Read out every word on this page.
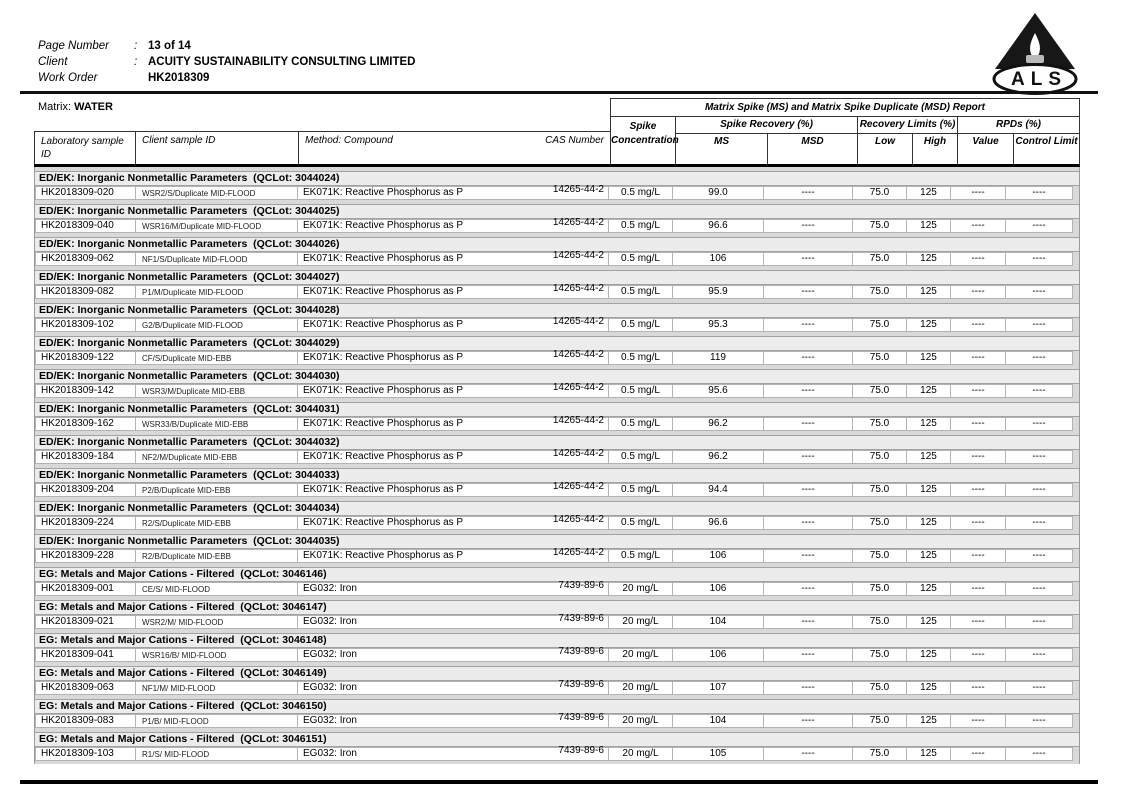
Page Number : 13 of 14
Client	: ACUITY SUSTAINABILITY CONSULTING LIMITED
Work Order	HK2018309	ALS
Matrix: WATER	Matrix Spike (MS) and Matrix Spike Duplicate (MSD) Report
Spike
Concentration
Spike Recovery (%)
MS	MSD
Recovery Limits (%)
Low	High
RPDs (%)
Value	Control Limit
Laboratory sample
ID
Client sample ID	Method: Compound	CAS Number
ED/EK: Inorganic Nonmetallic Parameters  (QCLot: 3044024)
HK2018309-020	WSR2/S/Duplicate MID-FLOOD	EK071K: Reactive Phosphorus as P	14265-44-2	0.5 mg/L	99.0	----	75.0	125	----	----
ED/EK: Inorganic Nonmetallic Parameters  (QCLot: 3044025)
HK2018309-040	WSR16/M/Duplicate MID-FLOOD	EK071K: Reactive Phosphorus as P	14265-44-2	0.5 mg/L	96.6	----	75.0	125	----	----
ED/EK: Inorganic Nonmetallic Parameters  (QCLot: 3044026)
HK2018309-062	NF1/S/Duplicate MID-FLOOD	EK071K: Reactive Phosphorus as P	14265-44-2	0.5 mg/L	106	----	75.0	125	----	----
ED/EK: Inorganic Nonmetallic Parameters  (QCLot: 3044027)
HK2018309-082	P1/M/Duplicate MID-FLOOD	EK071K: Reactive Phosphorus as P	14265-44-2	0.5 mg/L	95.9	----	75.0	125	----	----
ED/EK: Inorganic Nonmetallic Parameters  (QCLot: 3044028)
HK2018309-102	G2/B/Duplicate MID-FLOOD	EK071K: Reactive Phosphorus as P	14265-44-2	0.5 mg/L	95.3	----	75.0	125	----	----
ED/EK: Inorganic Nonmetallic Parameters  (QCLot: 3044029)
HK2018309-122	CF/S/Duplicate MID-EBB	EK071K: Reactive Phosphorus as P	14265-44-2	0.5 mg/L	119	----	75.0	125	----	----
ED/EK: Inorganic Nonmetallic Parameters  (QCLot: 3044030)
HK2018309-142	WSR3/M/Duplicate MID-EBB	EK071K: Reactive Phosphorus as P	14265-44-2	0.5 mg/L	95.6	----	75.0	125	----	----
ED/EK: Inorganic Nonmetallic Parameters  (QCLot: 3044031)
HK2018309-162	WSR33/B/Duplicate MID-EBB	EK071K: Reactive Phosphorus as P	14265-44-2	0.5 mg/L	96.2	----	75.0	125	----	----
ED/EK: Inorganic Nonmetallic Parameters  (QCLot: 3044032)
HK2018309-184	NF2/M/Duplicate MID-EBB	EK071K: Reactive Phosphorus as P	14265-44-2	0.5 mg/L	96.2	----	75.0	125	----	----
ED/EK: Inorganic Nonmetallic Parameters  (QCLot: 3044033)
HK2018309-204	P2/B/Duplicate MID-EBB	EK071K: Reactive Phosphorus as P	14265-44-2	0.5 mg/L	94.4	----	75.0	125	----	----
ED/EK: Inorganic Nonmetallic Parameters  (QCLot: 3044034)
HK2018309-224	R2/S/Duplicate MID-EBB	EK071K: Reactive Phosphorus as P	14265-44-2	0.5 mg/L	96.6	----	75.0	125	----	----
ED/EK: Inorganic Nonmetallic Parameters  (QCLot: 3044035)
HK2018309-228	R2/B/Duplicate MID-EBB	EK071K: Reactive Phosphorus as P	14265-44-2	0.5 mg/L	106	----	75.0	125	----	----
EG: Metals and Major Cations - Filtered  (QCLot: 3046146)
HK2018309-001	CE/S/ MID-FLOOD	EG032: Iron	7439-89-6	20 mg/L	106	----	75.0	125	----	----
EG: Metals and Major Cations - Filtered  (QCLot: 3046147)
HK2018309-021	WSR2/M/ MID-FLOOD	EG032: Iron	7439-89-6	20 mg/L	104	----	75.0	125	----	----
EG: Metals and Major Cations - Filtered  (QCLot: 3046148)
HK2018309-041	WSR16/B/ MID-FLOOD	EG032: Iron	7439-89-6	20 mg/L	106	----	75.0	125	----	----
EG: Metals and Major Cations - Filtered  (QCLot: 3046149)
HK2018309-063	NF1/M/ MID-FLOOD	EG032: Iron	7439-89-6	20 mg/L	107	----	75.0	125	----	----
EG: Metals and Major Cations - Filtered  (QCLot: 3046150)
HK2018309-083	P1/B/ MID-FLOOD	EG032: Iron	7439-89-6	20 mg/L	104	----	75.0	125	----	----
EG: Metals and Major Cations - Filtered  (QCLot: 3046151)
HK2018309-103	R1/S/ MID-FLOOD	EG032: Iron	7439-89-6	20 mg/L	105	----	75.0	125	----	----
